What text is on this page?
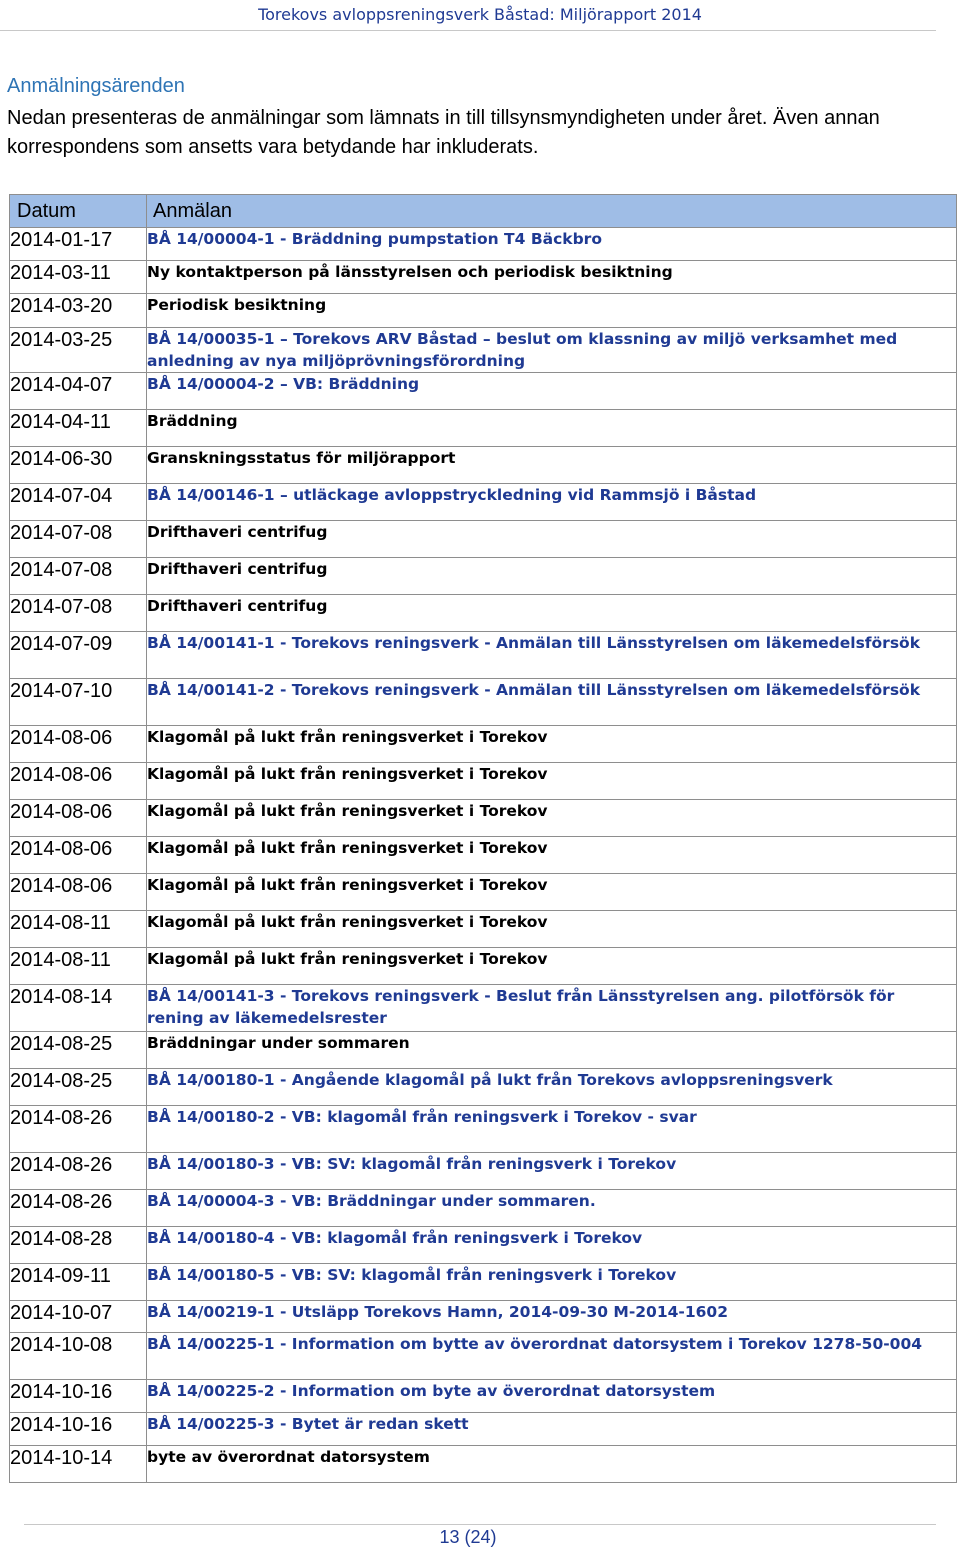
Torekovs avloppsreningsverk Båstad: Miljörapport 2014
Anmälningsärenden

Nedan presenteras de anmälningar som lämnats in till tillsynsmyndigheten under året. Även annan korrespondens som ansetts vara betydande har inkluderats.

Datum	Anmälan
2014-01-17	BÅ 14/00004-1 - Bräddning pumpstation T4 Bäckbro
2014-03-11	Ny kontaktperson på länsstyrelsen och periodisk besiktning
2014-03-20	Periodisk besiktning
2014-03-25	BÅ 14/00035-1 – Torekovs ARV Båstad – beslut om klassning av miljö verksamhet med anledning av nya miljöprövningsförordning
2014-04-07	BÅ 14/00004-2 – VB: Bräddning
2014-04-11	Bräddning
2014-06-30	Granskningsstatus för miljörapport
2014-07-04	BÅ 14/00146-1 – utläckage avloppstryckledning vid Rammsjö i Båstad
2014-07-08	Drifthaveri centrifug
2014-07-08	Drifthaveri centrifug
2014-07-08	Drifthaveri centrifug
2014-07-09	BÅ 14/00141-1 - Torekovs reningsverk - Anmälan till Länsstyrelsen om läkemedelsförsök
2014-07-10	BÅ 14/00141-2 - Torekovs reningsverk - Anmälan till Länsstyrelsen om läkemedelsförsök
2014-08-06	Klagomål på lukt från reningsverket i Torekov
2014-08-06	Klagomål på lukt från reningsverket i Torekov
2014-08-06	Klagomål på lukt från reningsverket i Torekov
2014-08-06	Klagomål på lukt från reningsverket i Torekov
2014-08-06	Klagomål på lukt från reningsverket i Torekov
2014-08-11	Klagomål på lukt från reningsverket i Torekov
2014-08-11	Klagomål på lukt från reningsverket i Torekov
2014-08-14	BÅ 14/00141-3 - Torekovs reningsverk - Beslut från Länsstyrelsen ang. pilotförsök för rening av läkemedelsrester
2014-08-25	Bräddningar under sommaren
2014-08-25	BÅ 14/00180-1 - Angående klagomål på lukt från Torekovs avloppsreningsverk
2014-08-26	BÅ 14/00180-2 - VB: klagomål från reningsverk i Torekov - svar
2014-08-26	BÅ 14/00180-3 - VB: SV: klagomål från reningsverk i Torekov
2014-08-26	BÅ 14/00004-3 - VB: Bräddningar under sommaren.
2014-08-28	BÅ 14/00180-4 - VB: klagomål från reningsverk i Torekov
2014-09-11	BÅ 14/00180-5 - VB: SV: klagomål från reningsverk i Torekov
2014-10-07	BÅ 14/00219-1 - Utsläpp Torekovs Hamn, 2014-09-30 M-2014-1602
2014-10-08	BÅ 14/00225-1 - Information om bytte av överordnat datorsystem i Torekov 1278-50-004
2014-10-16	BÅ 14/00225-2 - Information om byte av överordnat datorsystem
2014-10-16	BÅ 14/00225-3 - Bytet är redan skett
2014-10-14	byte av överordnat datorsystem
13 (24)
